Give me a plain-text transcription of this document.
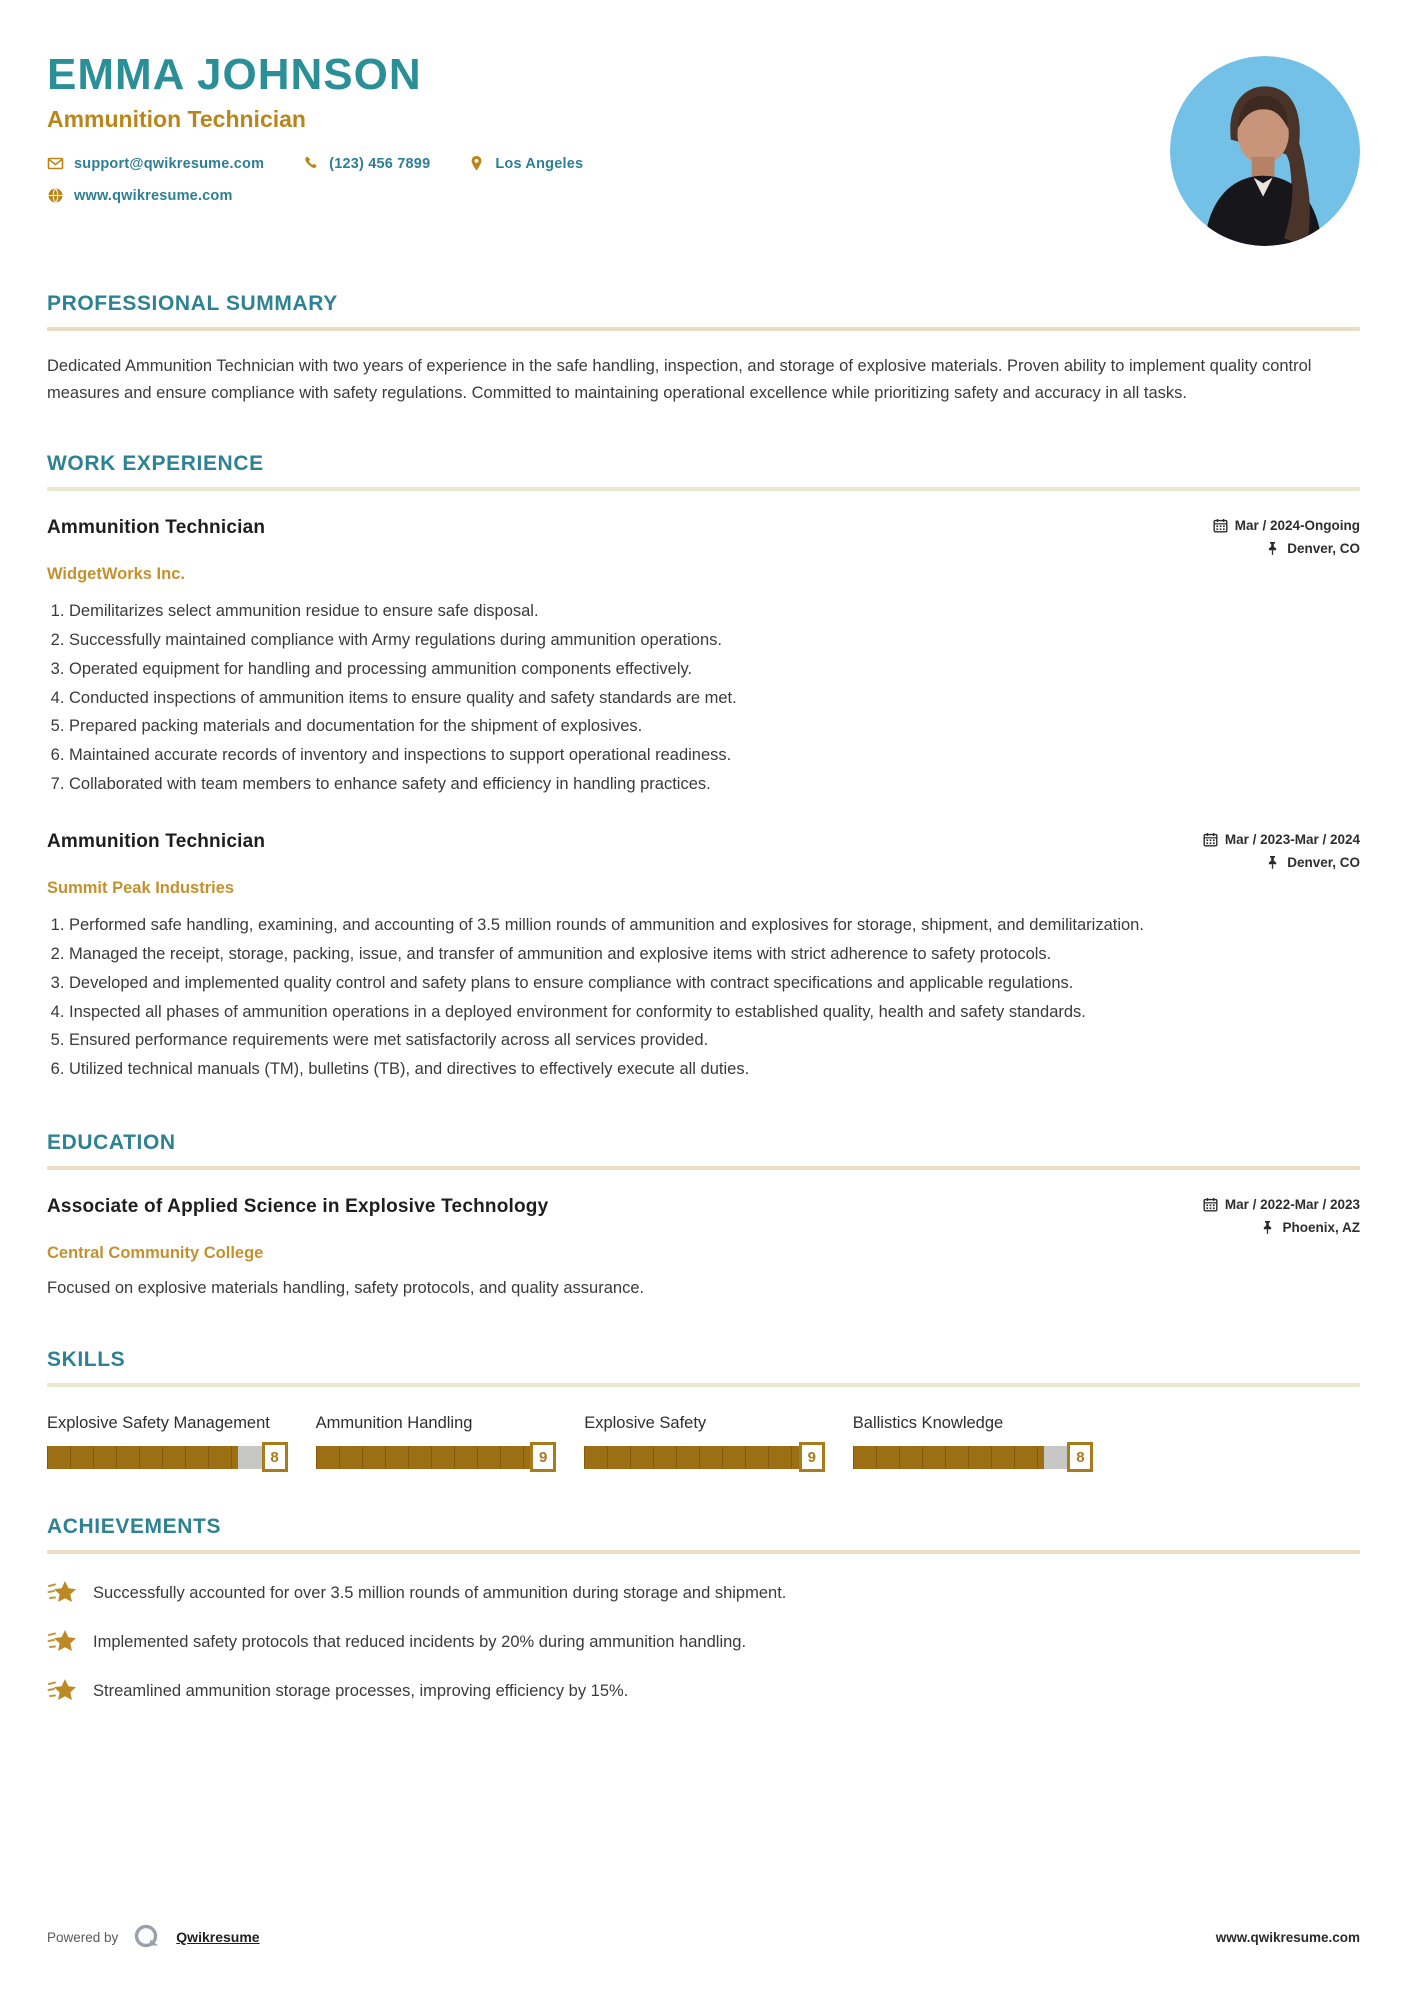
EMMA JOHNSON
Ammunition Technician
support@qwikresume.com	(123) 456 7899	Los Angeles
www.qwikresume.com
PROFESSIONAL SUMMARY

Dedicated Ammunition Technician with two years of experience in the safe handling, inspection, and storage of explosive materials. Proven ability to implement quality control measures and ensure compliance with safety regulations. Committed to maintaining operational excellence while prioritizing safety and accuracy in all tasks.

WORK EXPERIENCE
Ammunition Technician	Mar / 2024-Ongoing
Denver, CO
WidgetWorks Inc.
1. Demilitarizes select ammunition residue to ensure safe disposal.
2. Successfully maintained compliance with Army regulations during ammunition operations.
3. Operated equipment for handling and processing ammunition components effectively.
4. Conducted inspections of ammunition items to ensure quality and safety standards are met.
5. Prepared packing materials and documentation for the shipment of explosives.
6. Maintained accurate records of inventory and inspections to support operational readiness.
7. Collaborated with team members to enhance safety and efficiency in handling practices.
Ammunition Technician	Mar / 2023-Mar / 2024
Denver, CO
Summit Peak Industries
1. Performed safe handling, examining, and accounting of 3.5 million rounds of ammunition and explosives for storage, shipment, and demilitarization.
2. Managed the receipt, storage, packing, issue, and transfer of ammunition and explosive items with strict adherence to safety protocols.
3. Developed and implemented quality control and safety plans to ensure compliance with contract specifications and applicable regulations.
4. Inspected all phases of ammunition operations in a deployed environment for conformity to established quality, health and safety standards.
5. Ensured performance requirements were met satisfactorily across all services provided.
6. Utilized technical manuals (TM), bulletins (TB), and directives to effectively execute all duties.
EDUCATION
Associate of Applied Science in Explosive Technology	Mar / 2022-Mar / 2023
Phoenix, AZ
Central Community College

Focused on explosive materials handling, safety protocols, and quality assurance.

SKILLS
Explosive Safety Management
8
Ammunition Handling
9
Explosive Safety
9
Ballistics Knowledge
8
ACHIEVEMENTS
Successfully accounted for over 3.5 million rounds of ammunition during storage and shipment.
Implemented safety protocols that reduced incidents by 20% during ammunition handling.
Streamlined ammunition storage processes, improving efficiency by 15%.
Powered by	Qwikresume	www.qwikresume.com
